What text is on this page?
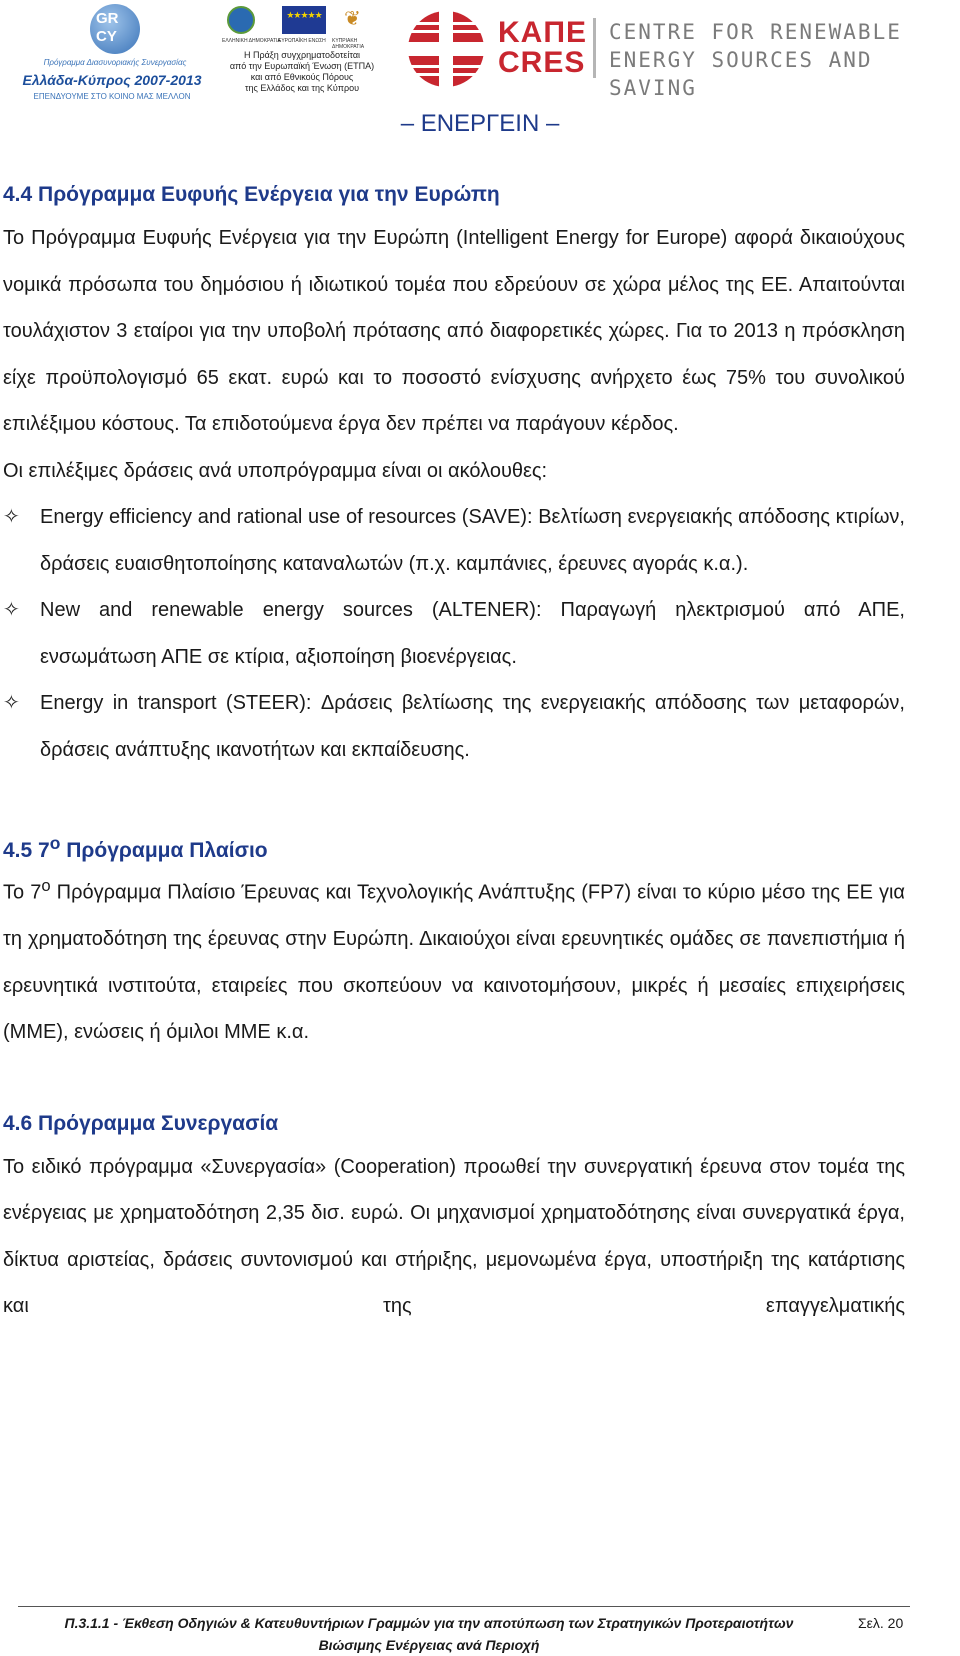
GR CY
Πρόγραμμα Διασυνοριακής Συνεργασίας
Ελλάδα-Κύπρος 2007-2013
ΕΠΕΝΔΥΟΥΜΕ ΣΤΟ ΚΟΙΝΟ ΜΑΣ ΜΕΛΛΟΝ
★★★★★ ❦
ΕΛΛΗΝΙΚΗ ΔΗΜΟΚΡΑΤΙΑ
ΕΥΡΩΠΑΪΚΗ ΕΝΩΣΗ ΚΥΠΡΙΑΚΗ ΔΗΜΟΚΡΑΤΙΑ
Η Πράξη συγχρηματοδοτείται
από την Ευρωπαϊκή Ένωση (ΕΤΠΑ)
και από Εθνικούς Πόρους
της Ελλάδος και της Κύπρου
ΚΑΠΕ
CRES
CENTRE FOR RENEWABLE
ENERGY SOURCES AND SAVING
– ΕΝΕΡΓΕΙΝ –
4.4 Πρόγραμμα Ευφυής Ενέργεια για την Ευρώπη

Το Πρόγραμμα Ευφυής Ενέργεια για την Ευρώπη (Intelligent Energy for Europe) αφορά δικαιούχους νομικά πρόσωπα του δημόσιου ή ιδιωτικού τομέα που εδρεύουν σε χώρα μέλος της ΕΕ. Απαιτούνται τουλάχιστον 3 εταίροι για την υποβολή πρότασης από διαφορετικές χώρες. Για το 2013 η πρόσκληση είχε προϋπολογισμό 65 εκατ. ευρώ και το ποσοστό ενίσχυσης ανήρχετο έως 75% του συνολικού επιλέξιμου κόστους. Τα επιδοτούμενα έργα δεν πρέπει να παράγουν κέρδος.

Οι επιλέξιμες δράσεις ανά υποπρόγραμμα είναι οι ακόλουθες:

✧	Energy efficiency and rational use of resources (SAVE): Βελτίωση ενεργειακής απόδοσης κτιρίων, δράσεις ευαισθητοποίησης καταναλωτών (π.χ. καμπάνιες, έρευνες αγοράς κ.α.).
✧	New and renewable energy sources (ALTENER): Παραγωγή ηλεκτρισμού από ΑΠΕ, ενσωμάτωση ΑΠΕ σε κτίρια, αξιοποίηση βιοενέργειας.
✧	Energy in transport (STEER): Δράσεις βελτίωσης της ενεργειακής απόδοσης των μεταφορών, δράσεις ανάπτυξης ικανοτήτων και εκπαίδευσης.
4.5 $7^o$ Πρόγραμμα Πλαίσιο

Το $7^o$ Πρόγραμμα Πλαίσιο Έρευνας και Τεχνολογικής Ανάπτυξης (FP7) είναι το κύριο μέσο της ΕΕ για τη χρηματοδότηση της έρευνας στην Ευρώπη. Δικαιούχοι είναι ερευνητικές ομάδες σε πανεπιστήμια ή ερευνητικά ινστιτούτα, εταιρείες που σκοπεύουν να καινοτομήσουν, μικρές ή μεσαίες επιχειρήσεις (ΜΜΕ), ενώσεις ή όμιλοι ΜΜΕ κ.α.

4.6 Πρόγραμμα Συνεργασία

Το ειδικό πρόγραμμα «Συνεργασία» (Cooperation) προωθεί την συνεργατική έρευνα στον τομέα της ενέργειας με χρηματοδότηση 2,35 δισ. ευρώ. Οι μηχανισμοί χρηματοδότησης είναι συνεργατικά έργα, δίκτυα αριστείας, δράσεις συντονισμού και στήριξης, μεμονωμένα έργα, υποστήριξη της κατάρτισης και της επαγγελματικής

Π.3.1.1 - Έκθεση Οδηγιών & Κατευθυντήριων Γραμμών για την αποτύπωση των Στρατηγικών Προτεραιοτήτων
Βιώσιμης Ενέργειας ανά Περιοχή
Σελ. 20
